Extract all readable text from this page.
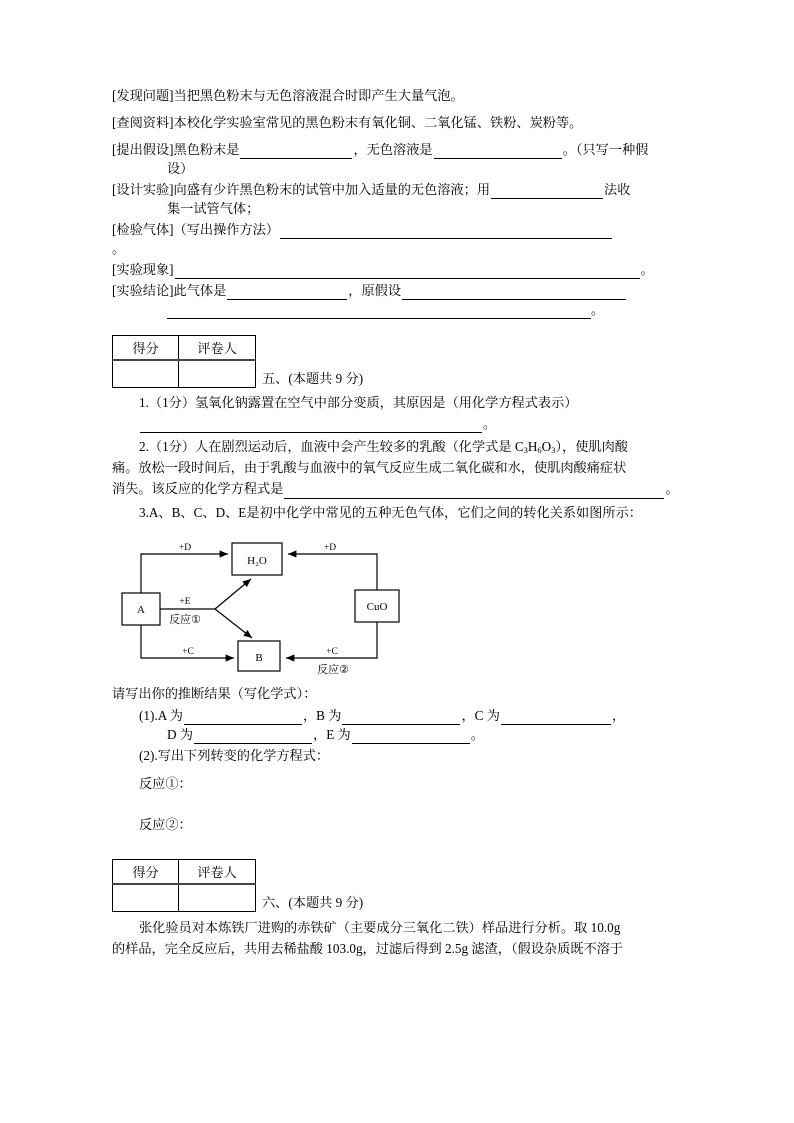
[发现问题]当把黑色粉末与无色溶液混合时即产生大量气泡。
[查阅资料]本校化学实验室常见的黑色粉末有氧化铜、二氧化锰、铁粉、炭粉等。
[提出假设]黑色粉末是	，无色溶液是	。（只写一种假
设）
[设计实验]向盛有少许黑色粉末的试管中加入适量的无色溶液；用	法收
集一试管气体；
[检验气体]（写出操作方法）
。
[实验现象]	。
[实验结论]此气体是	，原假设
。
得分	评卷人

五、(本题共 9 分)
1.（1分）氢氧化钠露置在空气中部分变质，其原因是（用化学方程式表示）
。
2.（1分）人在剧烈运动后，血液中会产生较多的乳酸（化学式是 $C_3H_6O_3$），使肌肉酸
痛。放松一段时间后，由于乳酸与血液中的氧气反应生成二氧化碳和水，使肌肉酸痛症状
消失。该反应的化学方程式是	。
3.A、B、C、D、E是初中化学中常见的五种无色气体，它们之间的转化关系如图所示：
A
H₂O
B
CuO
+D	+D
+E
反应①
+C	+C
反应②
请写出你的推断结果（写化学式）：
(1).A 为	，B 为	，C 为	，
D 为	，E 为	。
(2).写出下列转变的化学方程式：
反应①：
反应②：
得分	评卷人

六、(本题共 9 分)
张化验员对本炼铁厂进购的赤铁矿（主要成分三氧化二铁）样品进行分析。取 10.0g
的样品，完全反应后，共用去稀盐酸 103.0g，过滤后得到 2.5g 滤渣，（假设杂质既不溶于
